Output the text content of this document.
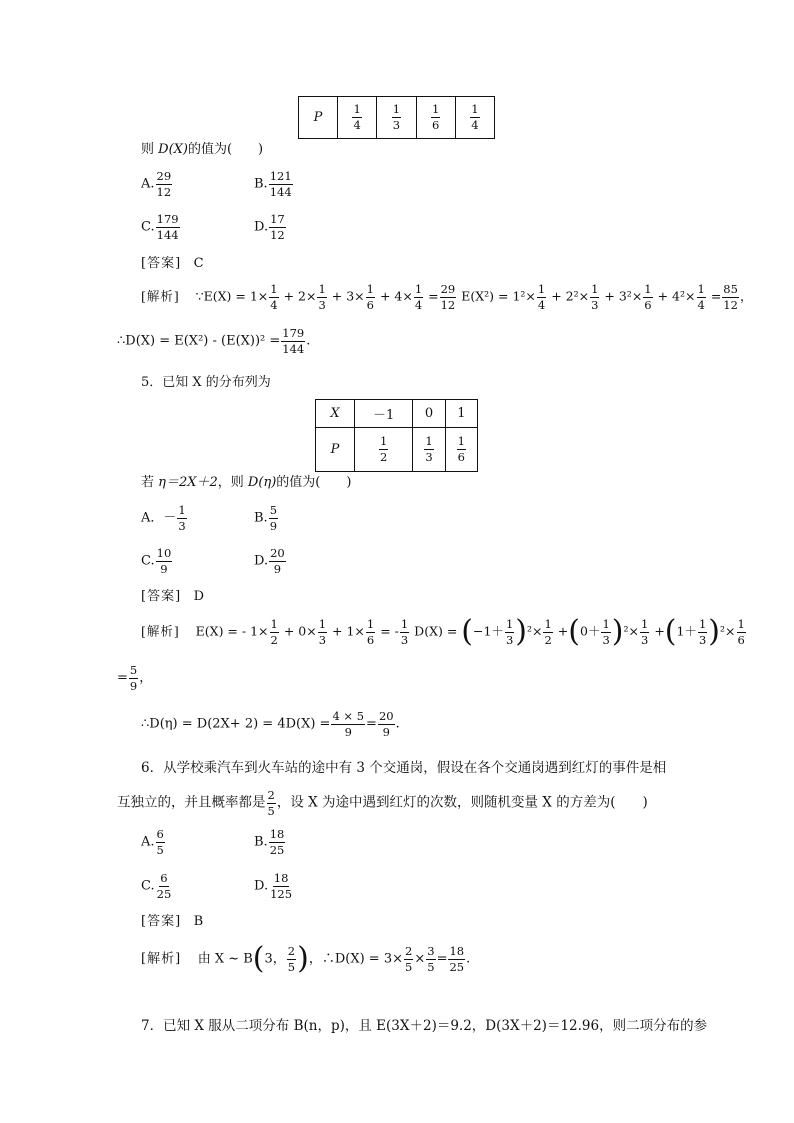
P	$\frac{1}{4}$	$\frac{1}{3}$	$\frac{1}{6}$	$\frac{1}{4}$
则 D(X)的值为(　　)
A. $\frac{29}{12}$	B. $\frac{121}{144}$
C. $\frac{179}{144}$	D. $\frac{17}{12}$
[答案] C
[解析] ∵E(X) = $1\times \frac{1}{4} + 2\times \frac{1}{3} + 3\times \frac{1}{6} + 4\times \frac{1}{4} = \frac{29}{12} E(X^2) = 1^2\times \frac{1}{4} + 2^2\times \frac{1}{3} + 3^2\times \frac{1}{6} + 4^2\times \frac{1}{4} = \frac{85}{12}$ ，
∴D(X) = $E(X^2) - (E(X))^2 = \frac{179}{144}$ .
5．已知 X 的分布列为
X	－1	0	1
P	$\frac{1}{2}$	$\frac{1}{3}$	$\frac{1}{6}$
若 η＝2X＋2，则 D(η)的值为(　　)
A．－ $\frac{1}{3}$	B. $\frac{5}{9}$
C. $\frac{10}{9}$	D. $\frac{20}{9}$
[答案] D
[解析] E(X) = - $1\times \frac{1}{2} + 0\times \frac{1}{3} + 1\times \frac{1}{6}$ = - $\frac{1}{3} D(X) = (-1+ \frac{1}{3} )^2\times \frac{1}{2} +(0+ \frac{1}{3} )^2\times \frac{1}{3} +(1+ \frac{1}{3} )^2\times \frac{1}{6}$
= $\frac{5}{9}$ ，
∴D(η) = $D(2X+ 2) = 4D(X) = \frac{4 \times 5}{9} = \frac{20}{9}$ .
6．从学校乘汽车到火车站的途中有 3 个交通岗，假设在各个交通岗遇到红灯的事件是相
互独立的，并且概率都是 $\frac{2}{5}$ ，设 X 为途中遇到红灯的次数，则随机变量 X 的方差为(　　)
A. $\frac{6}{5}$	B. $\frac{18}{25}$
C. $\frac{6}{25}$	D. $\frac{18}{125}$
[答案] B
[解析] 由 X ~ B(3， $\frac{2}{5}$ )，∴D(X) = $3\times \frac{2}{5} \times \frac{3}{5} = \frac{18}{25}$ .
7．已知 X 服从二项分布 B(n，p)，且 E(3X＋2)＝9.2，D(3X＋2)＝12.96，则二项分布的参
